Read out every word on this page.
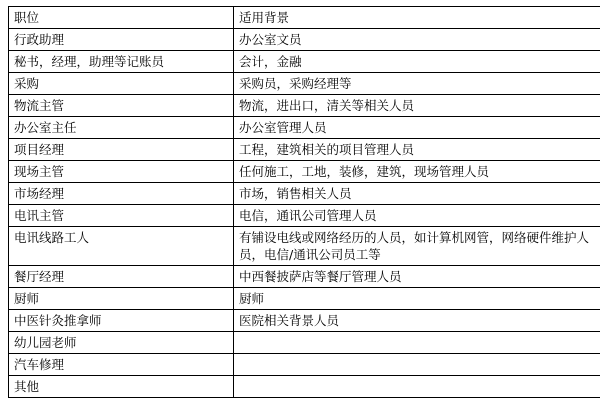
职位	适用背景
行政助理	办公室文员
秘书，经理，助理等记账员	会计，金融
采购	采购员，采购经理等
物流主管	物流，进出口，清关等相关人员
办公室主任	办公室管理人员
项目经理	工程，建筑相关的项目管理人员
现场主管	任何施工，工地，装修，建筑，现场管理人员
市场经理	市场，销售相关人员
电讯主管	电信，通讯公司管理人员
电讯线路工人	有铺设电线或网络经历的人员，如计算机网管，网络硬件维护人员，电信/通讯公司员工等
餐厅经理	中西餐披萨店等餐厅管理人员
厨师	厨师
中医针灸推拿师	医院相关背景人员
幼儿园老师	
汽车修理	
其他	
